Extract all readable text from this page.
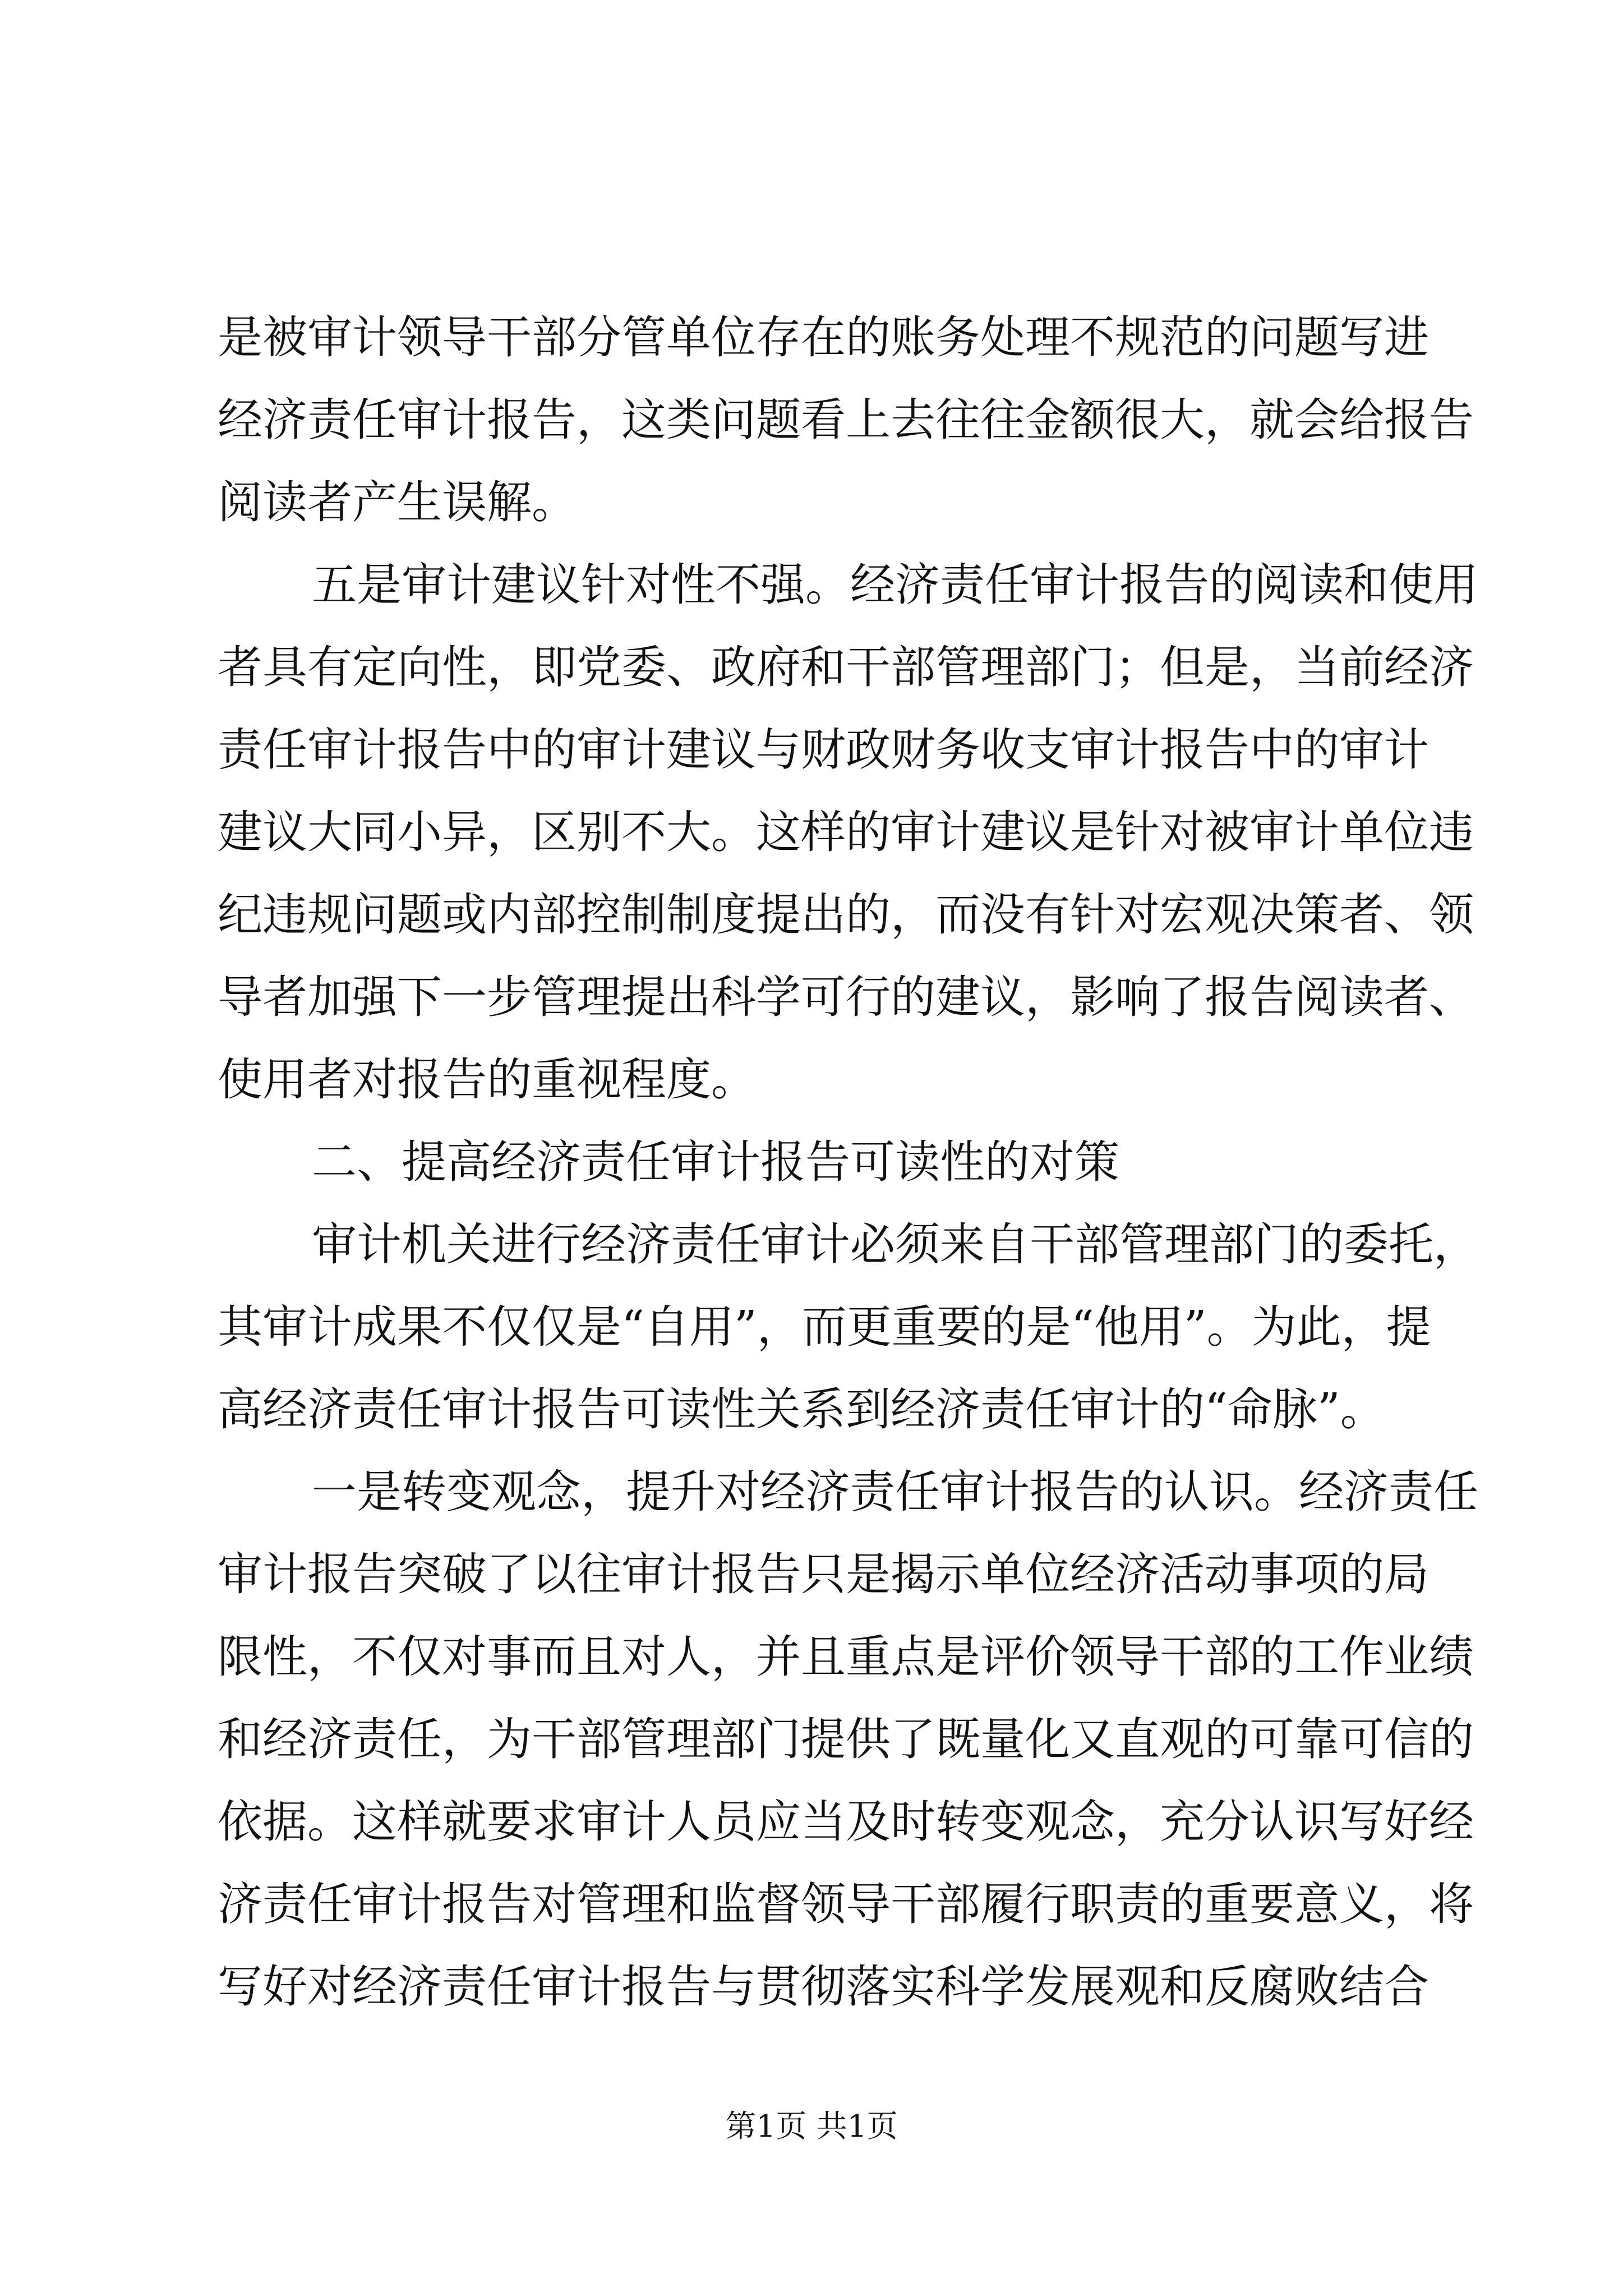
是被审计领导干部分管单位存在的账务处理不规范的问题写进
经济责任审计报告，这类问题看上去往往金额很大，就会给报告
阅读者产生误解。
五是审计建议针对性不强。经济责任审计报告的阅读和使用
者具有定向性，即党委、政府和干部管理部门；但是，当前经济
责任审计报告中的审计建议与财政财务收支审计报告中的审计
建议大同小异，区别不大。这样的审计建议是针对被审计单位违
纪违规问题或内部控制制度提出的，而没有针对宏观决策者、领
导者加强下一步管理提出科学可行的建议，影响了报告阅读者、
使用者对报告的重视程度。
二、提高经济责任审计报告可读性的对策
审计机关进行经济责任审计必须来自干部管理部门的委托，
其审计成果不仅仅是“自用”，而更重要的是“他用”。为此，提
高经济责任审计报告可读性关系到经济责任审计的“命脉”。
一是转变观念，提升对经济责任审计报告的认识。经济责任
审计报告突破了以往审计报告只是揭示单位经济活动事项的局
限性，不仅对事而且对人，并且重点是评价领导干部的工作业绩
和经济责任，为干部管理部门提供了既量化又直观的可靠可信的
依据。这样就要求审计人员应当及时转变观念，充分认识写好经
济责任审计报告对管理和监督领导干部履行职责的重要意义，将
写好对经济责任审计报告与贯彻落实科学发展观和反腐败结合
第1页 共1页
